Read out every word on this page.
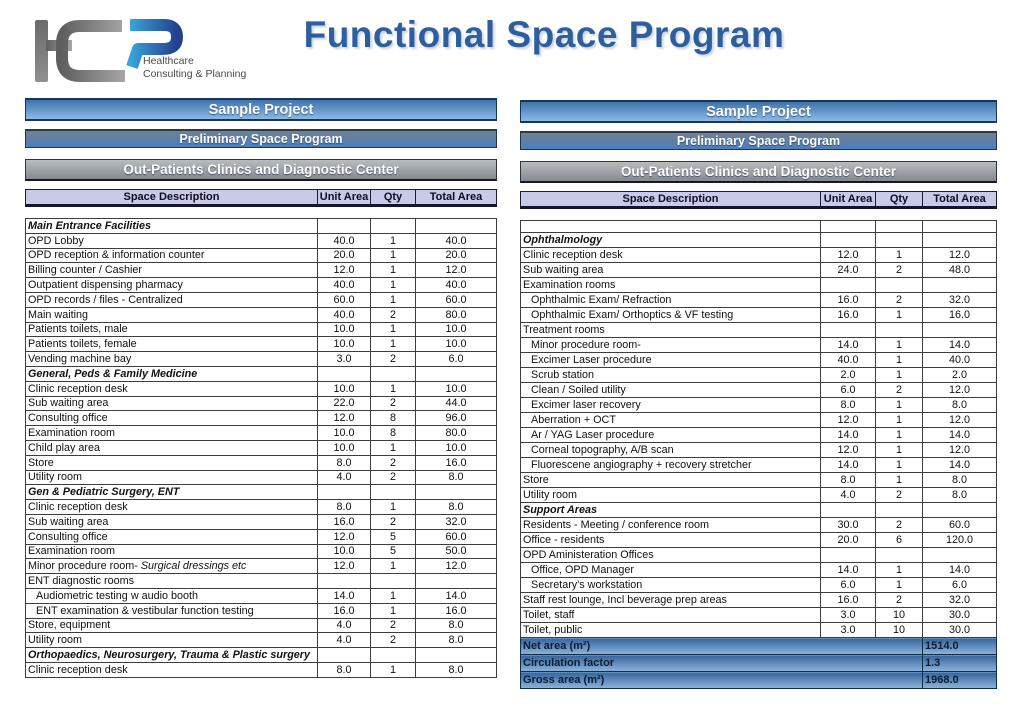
Healthcare
Consulting & Planning
Functional Space Program
Sample Project
Preliminary Space Program
Out-Patients Clinics and Diagnostic Center
Space Description	Unit Area	Qty	Total Area
Main Entrance Facilities			
OPD Lobby	40.0	1	40.0
OPD reception & information counter	20.0	1	20.0
Billing counter / Cashier	12.0	1	12.0
Outpatient dispensing pharmacy	40.0	1	40.0
OPD records / files - Centralized	60.0	1	60.0
Main waiting	40.0	2	80.0
Patients toilets, male	10.0	1	10.0
Patients toilets, female	10.0	1	10.0
Vending machine bay	3.0	2	6.0
General, Peds & Family Medicine			
Clinic reception desk	10.0	1	10.0
Sub waiting area	22.0	2	44.0
Consulting office	12.0	8	96.0
Examination room	10.0	8	80.0
Child play area	10.0	1	10.0
Store	8.0	2	16.0
Utility room	4.0	2	8.0
Gen & Pediatric Surgery, ENT			
Clinic reception desk	8.0	1	8.0
Sub waiting area	16.0	2	32.0
Consulting office	12.0	5	60.0
Examination room	10.0	5	50.0
Minor procedure room- Surgical dressings etc	12.0	1	12.0
ENT diagnostic rooms			
Audiometric testing w audio booth	14.0	1	14.0
ENT examination & vestibular function testing	16.0	1	16.0
Store, equipment	4.0	2	8.0
Utility room	4.0	2	8.0
Orthopaedics, Neurosurgery, Trauma & Plastic surgery			
Clinic reception desk	8.0	1	8.0
Sample Project
Preliminary Space Program
Out-Patients Clinics and Diagnostic Center
Space Description	Unit Area	Qty	Total Area

Ophthalmology			
Clinic reception desk	12.0	1	12.0
Sub waiting area	24.0	2	48.0
Examination rooms			
Ophthalmic Exam/ Refraction	16.0	2	32.0
Ophthalmic Exam/ Orthoptics & VF testing	16.0	1	16.0
Treatment rooms			
Minor procedure room-	14.0	1	14.0
Excimer Laser procedure	40.0	1	40.0
Scrub station	2.0	1	2.0
Clean / Soiled utility	6.0	2	12.0
Excimer laser recovery	8.0	1	8.0
Aberration + OCT	12.0	1	12.0
Ar / YAG Laser procedure	14.0	1	14.0
Corneal topography, A/B scan	12.0	1	12.0
Fluorescene angiography + recovery stretcher	14.0	1	14.0
Store	8.0	1	8.0
Utility room	4.0	2	8.0
Support Areas			
Residents - Meeting / conference room	30.0	2	60.0
Office - residents	20.0	6	120.0
OPD Aministeration Offices			
Office, OPD Manager	14.0	1	14.0
Secretary's workstation	6.0	1	6.0
Staff rest lounge, Incl beverage prep areas	16.0	2	32.0
Toilet, staff	3.0	10	30.0
Toilet, public	3.0	10	30.0
Net area (m²)			1514.0
Circulation factor			1.3
Gross area (m²)			1968.0
